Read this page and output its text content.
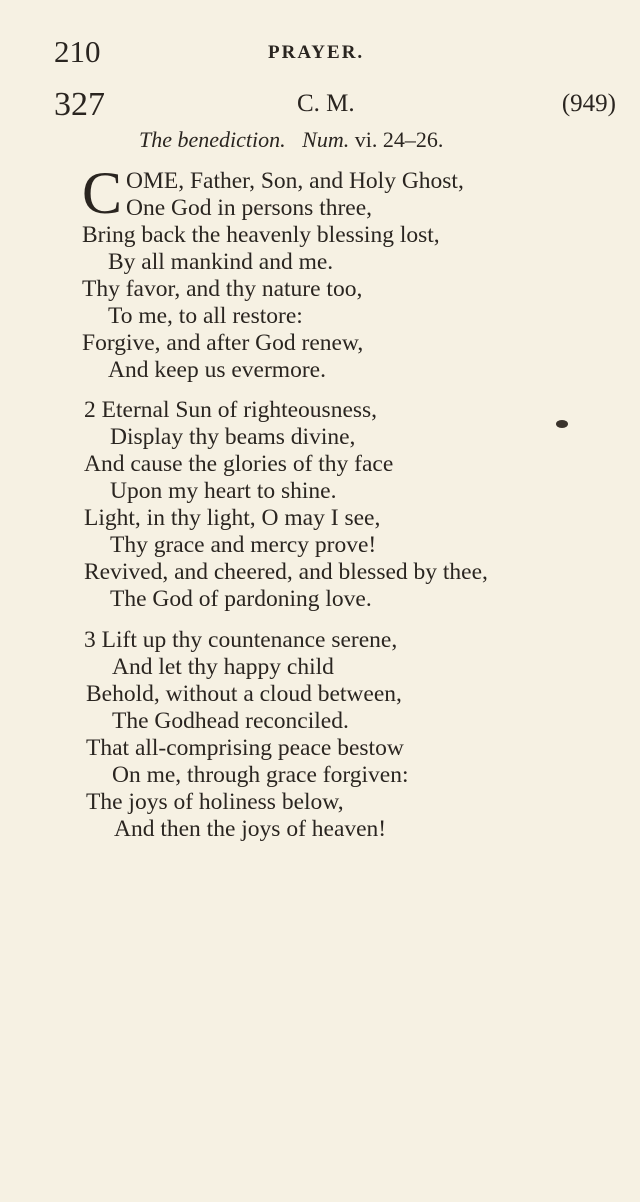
210	PRAYER.
327	C. M.	(949)
The benediction. Num. vi. 24–26.
C OME, Father, Son, and Holy Ghost,
One God in persons three,
Bring back the heavenly blessing lost,
By all mankind and me.
Thy favor, and thy nature too,
To me, to all restore:
Forgive, and after God renew,
And keep us evermore.
2 Eternal Sun of righteousness,
Display thy beams divine,
And cause the glories of thy face
Upon my heart to shine.
Light, in thy light, O may I see,
Thy grace and mercy prove!
Revived, and cheered, and blessed by thee,
The God of pardoning love.
3 Lift up thy countenance serene,
And let thy happy child
Behold, without a cloud between,
The Godhead reconciled.
That all-comprising peace bestow
On me, through grace forgiven:
The joys of holiness below,
And then the joys of heaven!
